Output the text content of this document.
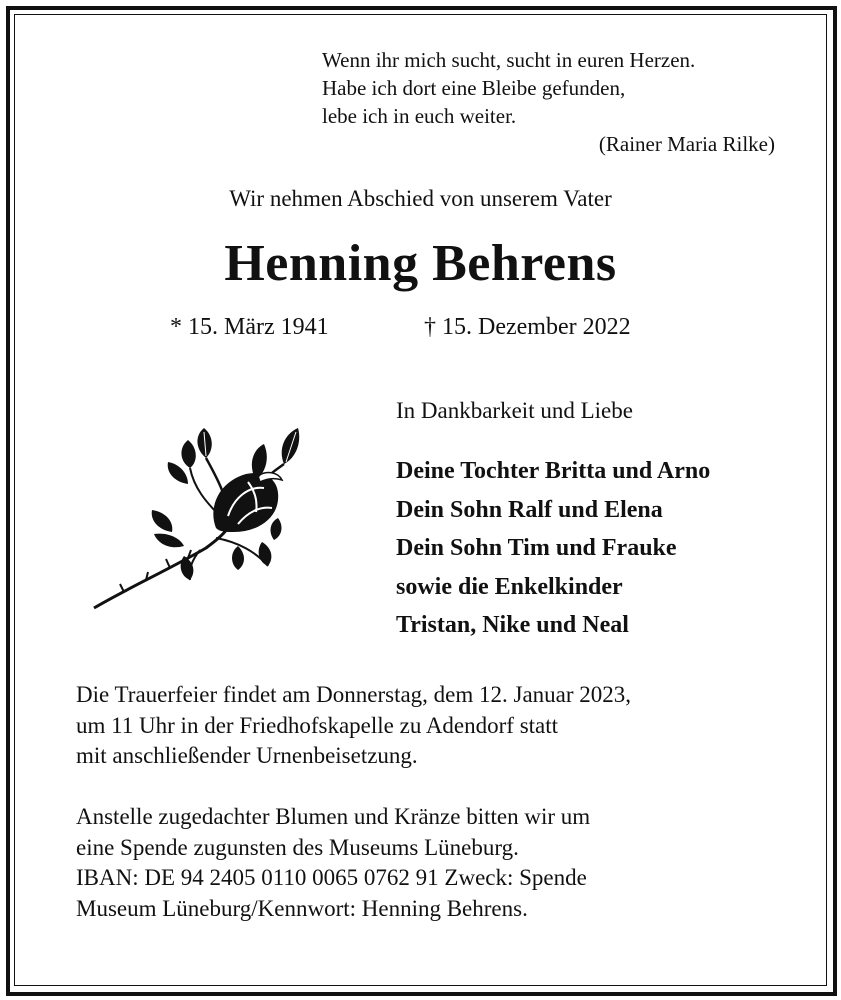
Wenn ihr mich sucht, sucht in euren Herzen.
Habe ich dort eine Bleibe gefunden,
lebe ich in euch weiter.
(Rainer Maria Rilke)
Wir nehmen Abschied von unserem Vater
Henning Behrens
* 15. März 1941	† 15. Dezember 2022
In Dankbarkeit und Liebe
Deine Tochter Britta und Arno
Dein Sohn Ralf und Elena
Dein Sohn Tim und Frauke
sowie die Enkelkinder
Tristan, Nike und Neal
Die Trauerfeier findet am Donnerstag, dem 12. Januar 2023,
um 11 Uhr in der Friedhofskapelle zu Adendorf statt
mit anschließender Urnenbeisetzung.
Anstelle zugedachter Blumen und Kränze bitten wir um
eine Spende zugunsten des Museums Lüneburg.
IBAN: DE 94 2405 0110 0065 0762 91 Zweck: Spende
Museum Lüneburg/Kennwort: Henning Behrens.
